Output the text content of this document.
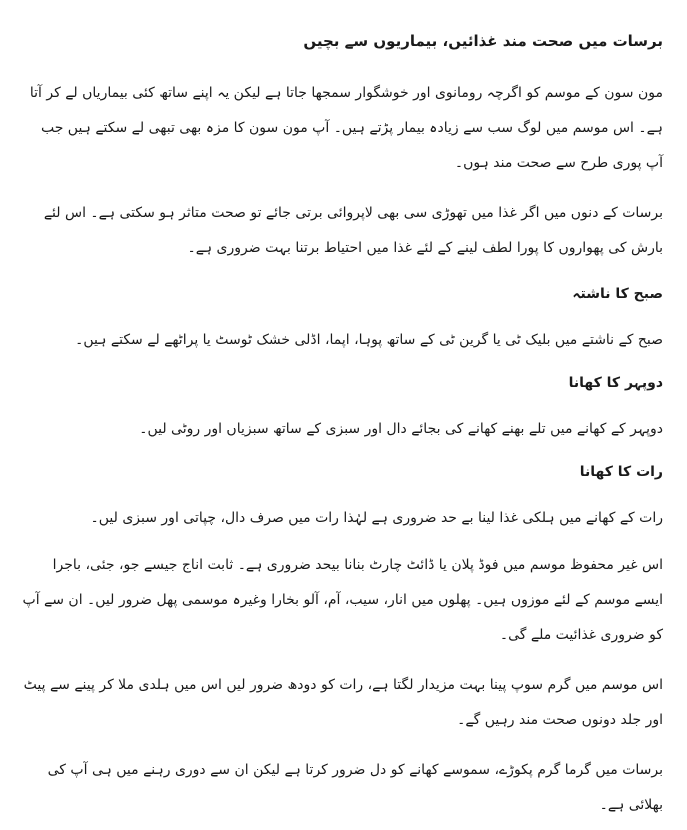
برسات میں صحت مند غذائیں، بیماریوں سے بچیں

مون سون کے موسم کو اگرچہ رومانوی اور خوشگوار سمجھا جاتا ہے لیکن یہ اپنے ساتھ کئی بیماریاں لے کر آتا ہے۔ اس موسم میں لوگ سب سے زیادہ بیمار پڑتے ہیں۔ آپ مون سون کا مزہ بھی تبھی لے سکتے ہیں جب آپ پوری طرح سے صحت مند ہوں۔

برسات کے دنوں میں اگر غذا میں تھوڑی سی بھی لاپروائی برتی جائے تو صحت متاثر ہو سکتی ہے۔ اس لئے بارش کی پھواروں کا پورا لطف لینے کے لئے غذا میں احتیاط برتنا بہت ضروری ہے۔

صبح کا ناشتہ

صبح کے ناشتے میں بلیک ٹی یا گرین ٹی کے ساتھ پوہا، اپما، اڈلی خشک ٹوسٹ یا پراٹھے لے سکتے ہیں۔

دوپہر کا کھانا

دوپہر کے کھانے میں تلے بھنے کھانے کی بجائے دال اور سبزی کے ساتھ سبزیاں اور روٹی لیں۔

رات کا کھانا

رات کے کھانے میں ہلکی غذا لینا بے حد ضروری ہے لہٰذا رات میں صرف دال، چپاتی اور سبزی لیں۔

اس غیر محفوظ موسم میں فوڈ پلان یا ڈائٹ چارٹ بنانا بیحد ضروری ہے۔ ثابت اناج جیسے جو، جئی، باجرا ایسے موسم کے لئے موزوں ہیں۔ پھلوں میں انار، سیب، آم، آلو بخارا وغیرہ موسمی پھل ضرور لیں۔ ان سے آپ کو ضروری غذائیت ملے گی۔

اس موسم میں گرم سوپ پینا بہت مزیدار لگتا ہے، رات کو دودھ ضرور لیں اس میں ہلدی ملا کر پینے سے پیٹ اور جلد دونوں صحت مند رہیں گے۔

برسات میں گرما گرم پکوڑے، سموسے کھانے کو دل ضرور کرتا ہے لیکن ان سے دوری رہنے میں ہی آپ کی بھلائی ہے۔
